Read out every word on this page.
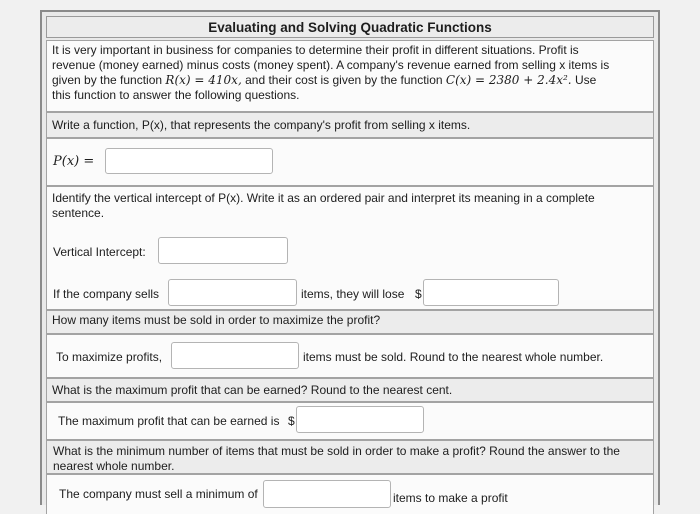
Evaluating and Solving Quadratic Functions
It is very important in business for companies to determine their profit in different situations. Profit is
revenue (money earned) minus costs (money spent). A company's revenue earned from selling x items is
given by the function R(x) = 410x, and their cost is given by the function C(x) = 2380 + 2.4x². Use
this function to answer the following questions.
Write a function, P(x), that represents the company's profit from selling x items.
P(x) =
Identify the vertical intercept of P(x). Write it as an ordered pair and interpret its meaning in a complete sentence.
Vertical Intercept:
If the company sells	items, they will lose $
How many items must be sold in order to maximize the profit?
To maximize profits,	items must be sold. Round to the nearest whole number.
What is the maximum profit that can be earned? Round to the nearest cent.
The maximum profit that can be earned is $
What is the minimum number of items that must be sold in order to make a profit? Round the answer to the nearest whole number.
The company must sell a minimum of	items to make a profit
